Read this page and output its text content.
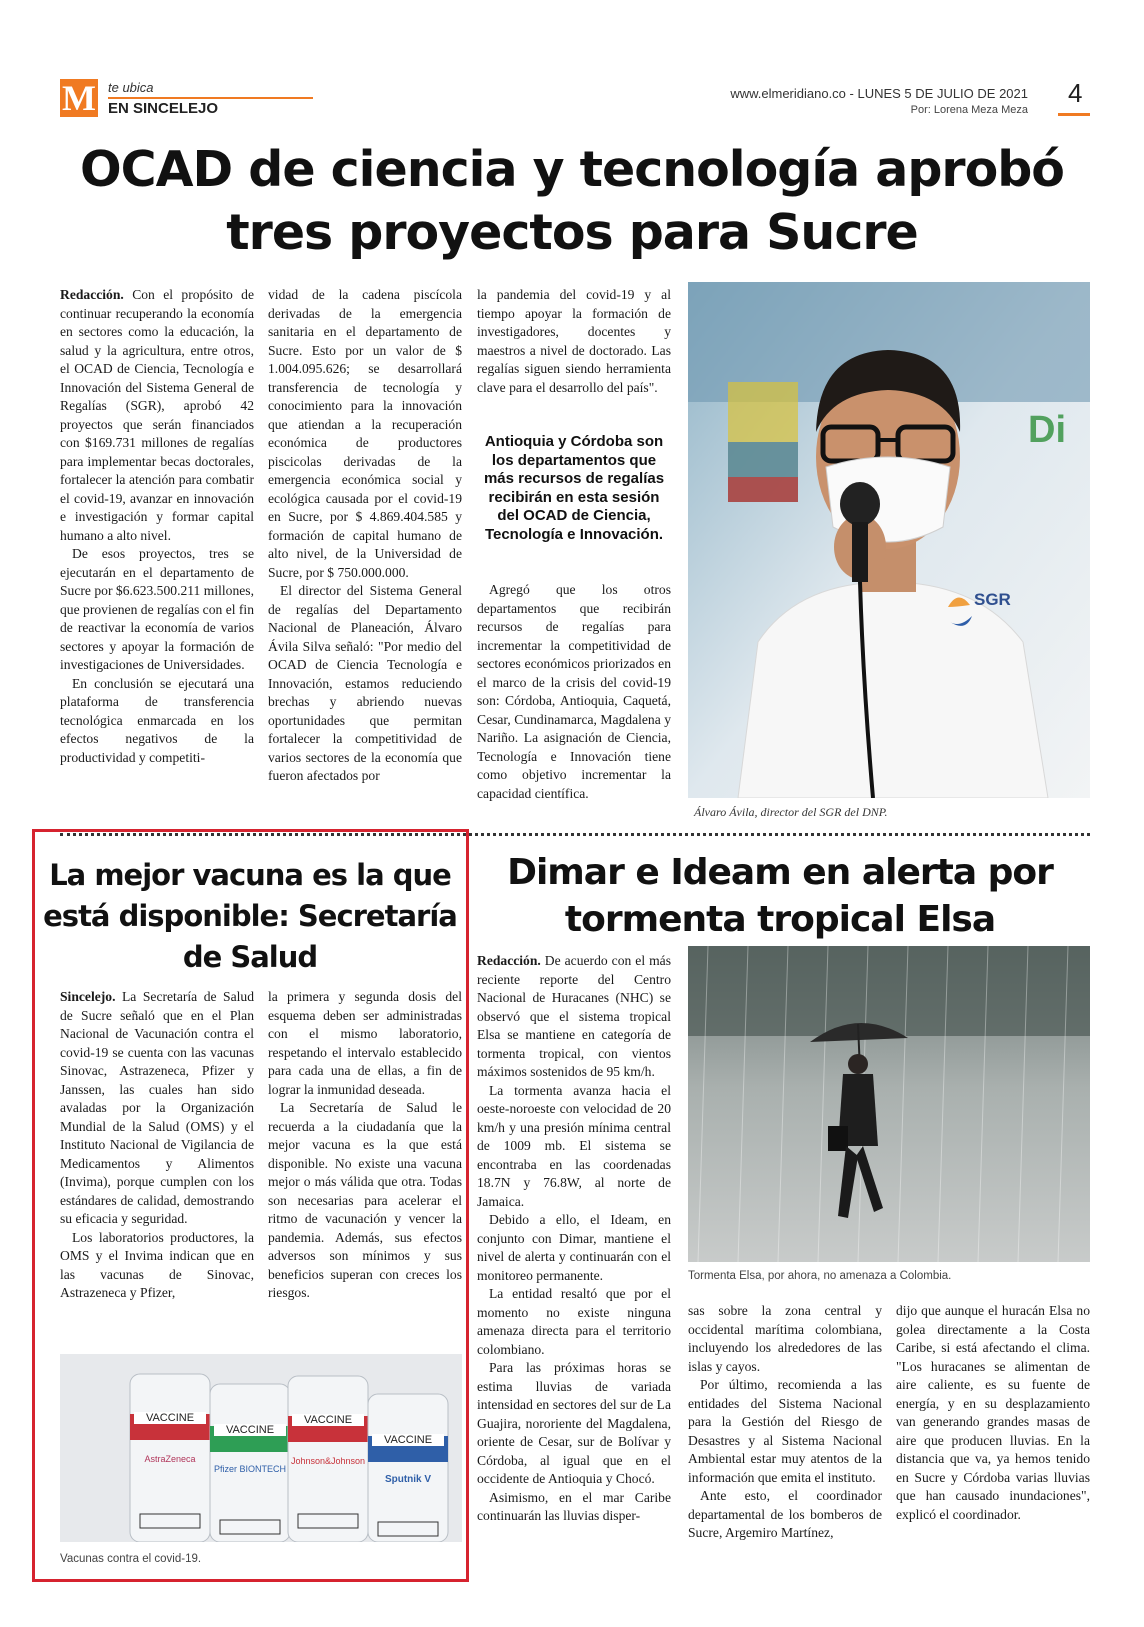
M te ubica
EN SINCELEJO
www.elmeridiano.co - LUNES 5 DE JULIO DE 2021
Por: Lorena Meza Meza
4
OCAD de ciencia y tecnología aprobó tres proyectos para Sucre

Redacción. Con el propósito de continuar recuperando la economía en sectores como la educación, la salud y la agricultura, entre otros, el OCAD de Ciencia, Tecnología e Innovación del Sistema General de Regalías (SGR), aprobó 42 proyectos que serán financiados con $169.731 millones de regalías para implementar becas doctorales, fortalecer la atención para combatir el covid-19, avanzar en innovación e investigación y formar capital humano a alto nivel.

De esos proyectos, tres se ejecutarán en el departamento de Sucre por $6.623.500.211 millones, que provienen de regalías con el fin de reactivar la economía de varios sectores y apoyar la formación de investigaciones de Universidades.

En conclusión se ejecutará una plataforma de transferencia tecnológica enmarcada en los efectos negativos de la productividad y competiti-

vidad de la cadena piscícola derivadas de la emergencia sanitaria en el departamento de Sucre. Esto por un valor de $ 1.004.095.626; se desarrollará transferencia de tecnología y conocimiento para la innovación que atiendan a la recuperación económica de productores piscicolas derivadas de la emergencia económica social y ecológica causada por el covid-19 en Sucre, por $ 4.869.404.585 y formación de capital humano de alto nivel, de la Universidad de Sucre, por $ 750.000.000.

El director del Sistema General de regalías del Departamento Nacional de Planeación, Álvaro Ávila Silva señaló: "Por medio del OCAD de Ciencia Tecnología e Innovación, estamos reduciendo brechas y abriendo nuevas oportunidades que permitan fortalecer la competitividad de varios sectores de la economía que fueron afectados por

la pandemia del covid-19 y al tiempo apoyar la formación de investigadores, docentes y maestros a nivel de doctorado. Las regalías siguen siendo herramienta clave para el desarrollo del país".

Antioquia y Córdoba son los departamentos que más recursos de regalías recibirán en esta sesión del OCAD de Ciencia, Tecnología e Innovación.

Agregó que los otros departamentos que recibirán recursos de regalías para incrementar la competitividad de sectores económicos priorizados en el marco de la crisis del covid-19 son: Córdoba, Antioquia, Caquetá, Cesar, Cundinamarca, Magdalena y Nariño. La asignación de Ciencia, Tecnología e Innovación tiene como objetivo incrementar la capacidad científica.

Di
SGR
Álvaro Ávila, director del SGR del DNP.
La mejor vacuna es la que está disponible: Secretaría de Salud

Sincelejo. La Secretaría de Salud de Sucre señaló que en el Plan Nacional de Vacunación contra el covid-19 se cuenta con las vacunas Sinovac, Astrazeneca, Pfizer y Janssen, las cuales han sido avaladas por la Organización Mundial de la Salud (OMS) y el Instituto Nacional de Vigilancia de Medicamentos y Alimentos (Invima), porque cumplen con los estándares de calidad, demostrando su eficacia y seguridad.

Los laboratorios productores, la OMS y el Invima indican que en las vacunas de Sinovac, Astrazeneca y Pfizer,

la primera y segunda dosis del esquema deben ser administradas con el mismo laboratorio, respetando el intervalo establecido para cada una de ellas, a fin de lograr la inmunidad deseada.

La Secretaría de Salud le recuerda a la ciudadanía que la mejor vacuna es la que está disponible. No existe una vacuna mejor o más válida que otra. Todas son necesarias para acelerar el ritmo de vacunación y vencer la pandemia. Además, sus efectos adversos son mínimos y sus beneficios superan con creces los riesgos.

VACCINE
VACCINE
VACCINE
VACCINE
AstraZeneca
Pfizer BIONTECH
Johnson&Johnson
Sputnik V
Vacunas contra el covid-19.
Dimar e Ideam en alerta por tormenta tropical Elsa

Redacción. De acuerdo con el más reciente reporte del Centro Nacional de Huracanes (NHC) se observó que el sistema tropical Elsa se mantiene en categoría de tormenta tropical, con vientos máximos sostenidos de 95 km/h.

La tormenta avanza hacia el oeste-noroeste con velocidad de 20 km/h y una presión mínima central de 1009 mb. El sistema se encontraba en las coordenadas 18.7N y 76.8W, al norte de Jamaica.

Debido a ello, el Ideam, en conjunto con Dimar, mantiene el nivel de alerta y continuarán con el monitoreo permanente.

La entidad resaltó que por el momento no existe ninguna amenaza directa para el territorio colombiano.

Para las próximas horas se estima lluvias de variada intensidad en sectores del sur de La Guajira, nororiente del Magdalena, oriente de Cesar, sur de Bolívar y Córdoba, al igual que en el occidente de Antioquia y Chocó.

Asimismo, en el mar Caribe continuarán las lluvias disper-

Tormenta Elsa, por ahora, no amenaza a Colombia.

sas sobre la zona central y occidental marítima colombiana, incluyendo los alrededores de las islas y cayos.

Por último, recomienda a las entidades del Sistema Nacional para la Gestión del Riesgo de Desastres y al Sistema Nacional Ambiental estar muy atentos de la información que emita el instituto.

Ante esto, el coordinador departamental de los bomberos de Sucre, Argemiro Martínez,

dijo que aunque el huracán Elsa no golea directamente a la Costa Caribe, si está afectando el clima. "Los huracanes se alimentan de aire caliente, es su fuente de energía, y en su desplazamiento van generando grandes masas de aire que producen lluvias. En la distancia que va, ya hemos tenido en Sucre y Córdoba varias lluvias que han causado inundaciones", explicó el coordinador.
